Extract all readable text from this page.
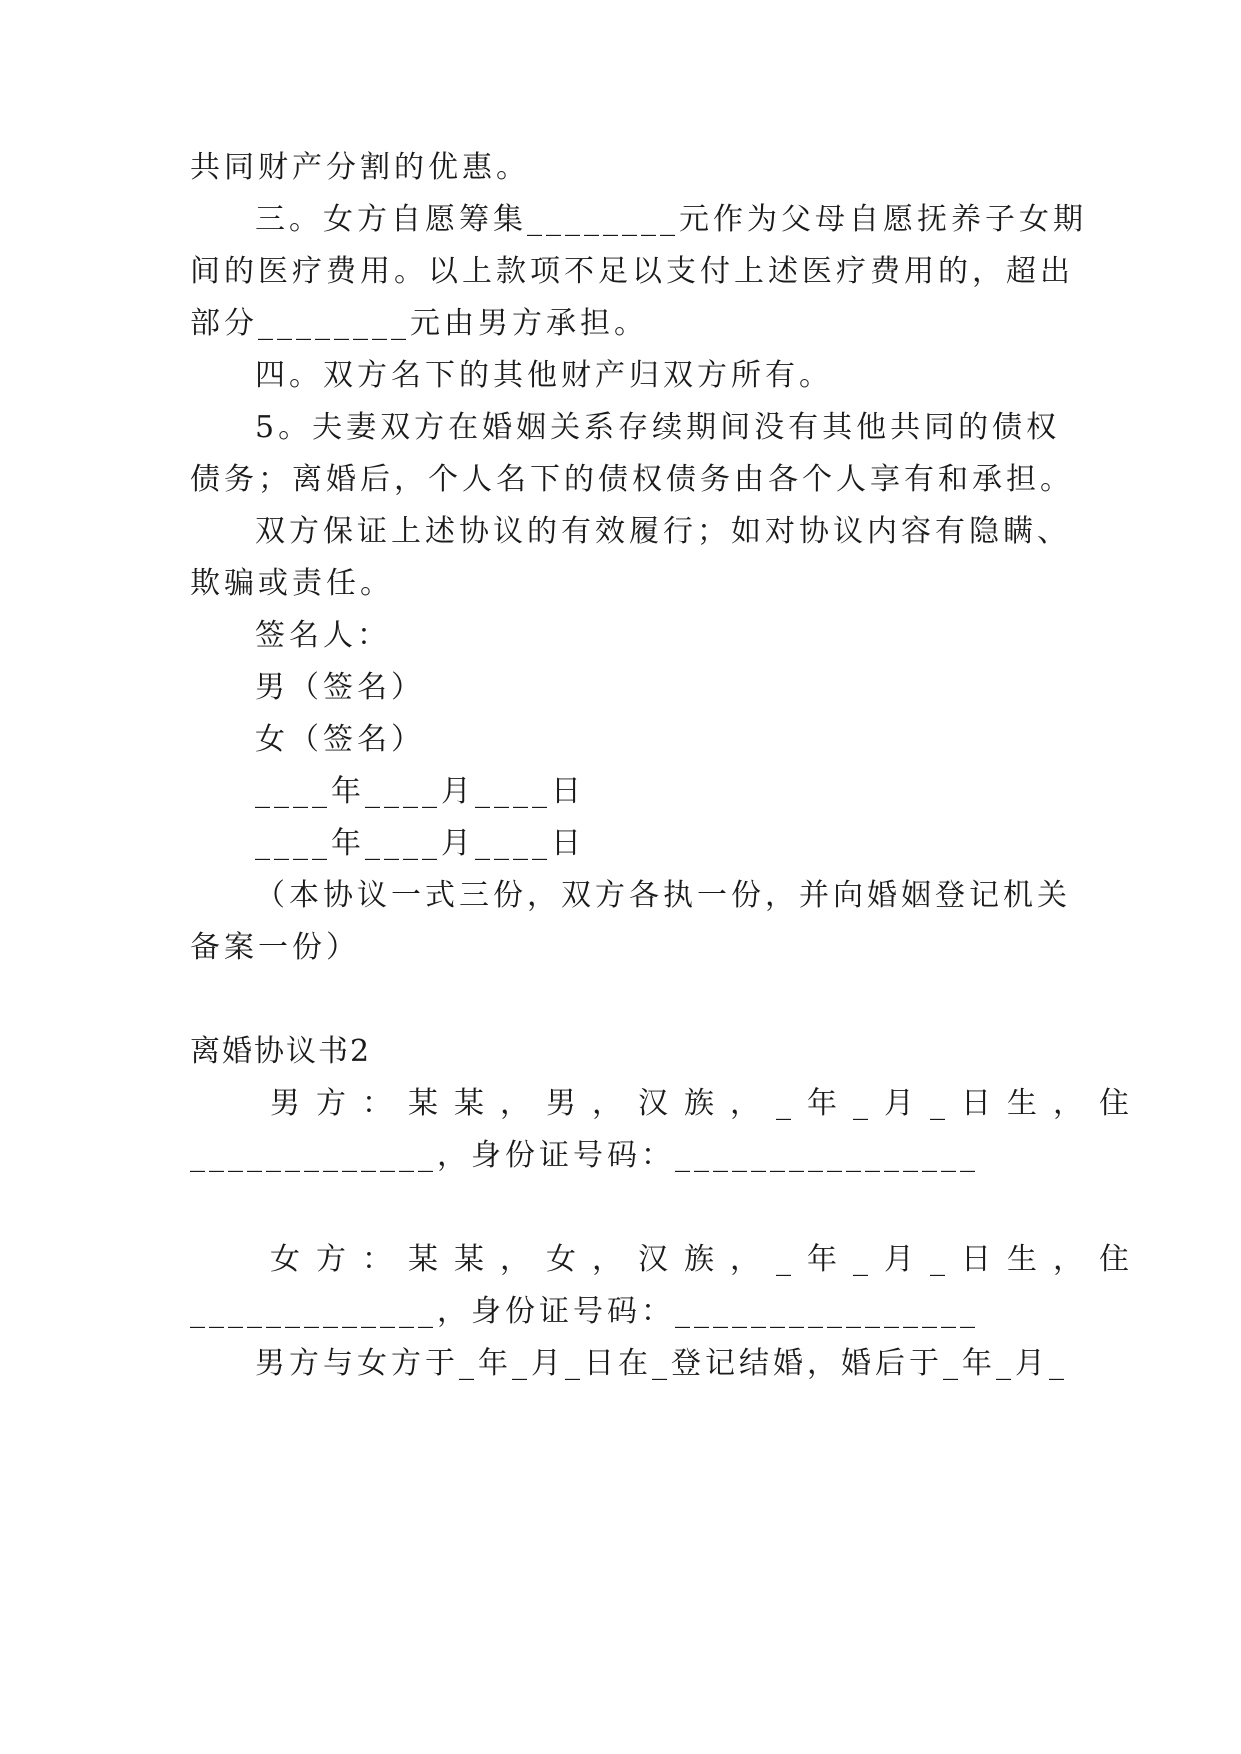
共同财产分割的优惠。
三。女方自愿筹集________元作为父母自愿抚养子女期
间的医疗费用。以上款项不足以支付上述医疗费用的，超出
部分________元由男方承担。
四。双方名下的其他财产归双方所有。
5。夫妻双方在婚姻关系存续期间没有其他共同的债权
债务；离婚后，个人名下的债权债务由各个人享有和承担。
双方保证上述协议的有效履行；如对协议内容有隐瞒、
欺骗或责任。
签名人：
男（签名）
女（签名）
____年____月____日
____年____月____日
（本协议一式三份，双方各执一份，并向婚姻登记机关
备案一份）
离婚协议书2
男方：某某，男，汉族，_年_月_日生，住
_____________，身份证号码：________________
女方：某某，女，汉族，_年_月_日生，住
_____________，身份证号码：________________
男方与女方于_年_月_日在_登记结婚，婚后于_年_月_
